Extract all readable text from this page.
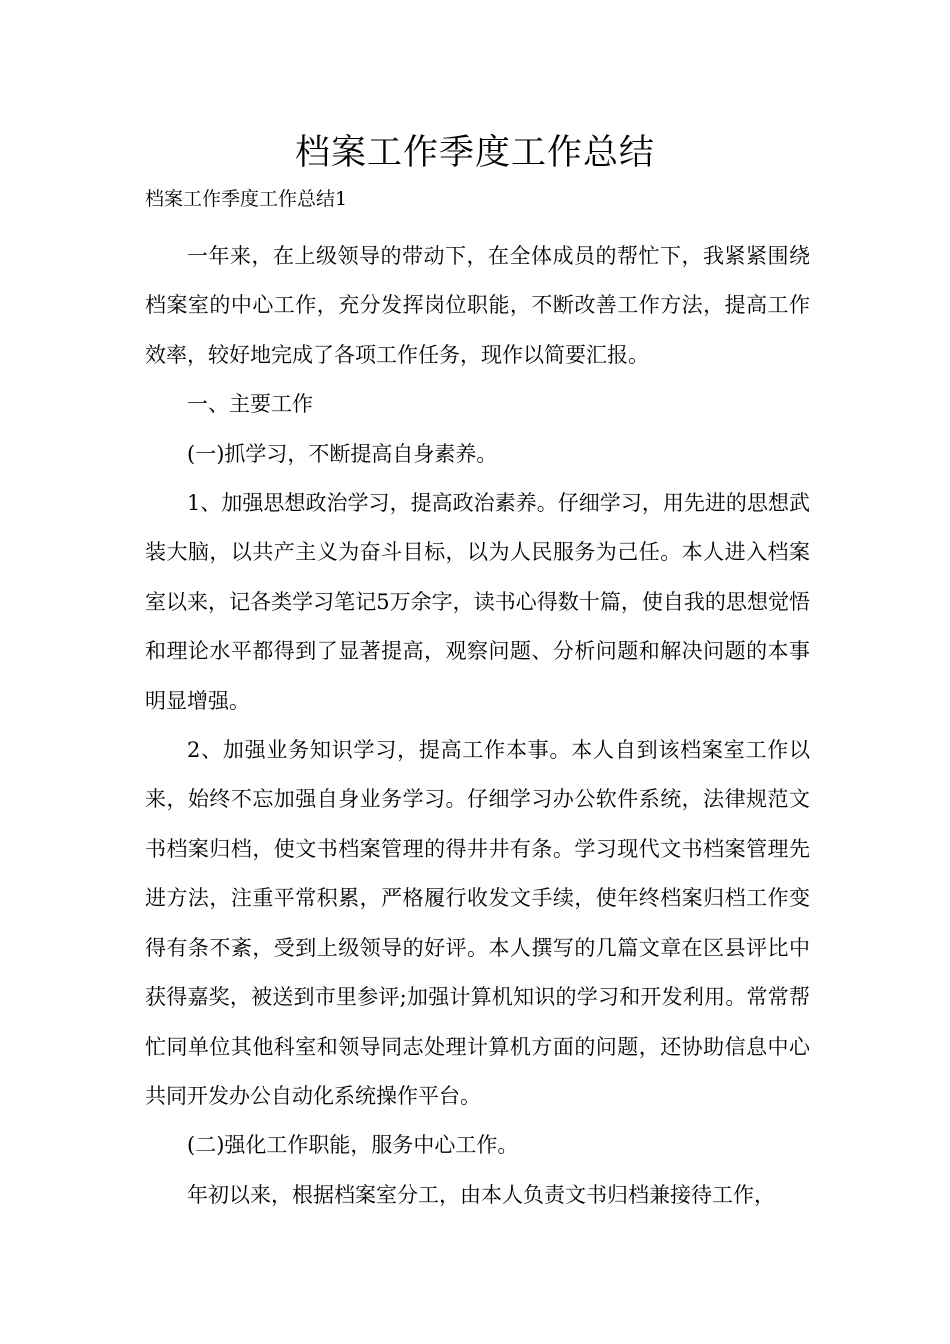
档案工作季度工作总结
档案工作季度工作总结1

一年来，在上级领导的带动下，在全体成员的帮忙下，我紧紧围绕档案室的中心工作，充分发挥岗位职能，不断改善工作方法，提高工作效率，较好地完成了各项工作任务，现作以简要汇报。

一、主要工作

(一)抓学习，不断提高自身素养。

1、加强思想政治学习，提高政治素养。仔细学习，用先进的思想武装大脑，以共产主义为奋斗目标，以为人民服务为己任。本人进入档案室以来，记各类学习笔记5万余字，读书心得数十篇，使自我的思想觉悟和理论水平都得到了显著提高，观察问题、分析问题和解决问题的本事明显增强。

2、加强业务知识学习，提高工作本事。本人自到该档案室工作以来，始终不忘加强自身业务学习。仔细学习办公软件系统，法律规范文书档案归档，使文书档案管理的得井井有条。学习现代文书档案管理先进方法，注重平常积累，严格履行收发文手续，使年终档案归档工作变得有条不紊，受到上级领导的好评。本人撰写的几篇文章在区县评比中获得嘉奖，被送到市里参评;加强计算机知识的学习和开发利用。常常帮忙同单位其他科室和领导同志处理计算机方面的问题，还协助信息中心共同开发办公自动化系统操作平台。

(二)强化工作职能，服务中心工作。

年初以来，根据档案室分工，由本人负责文书归档兼接待工作，
